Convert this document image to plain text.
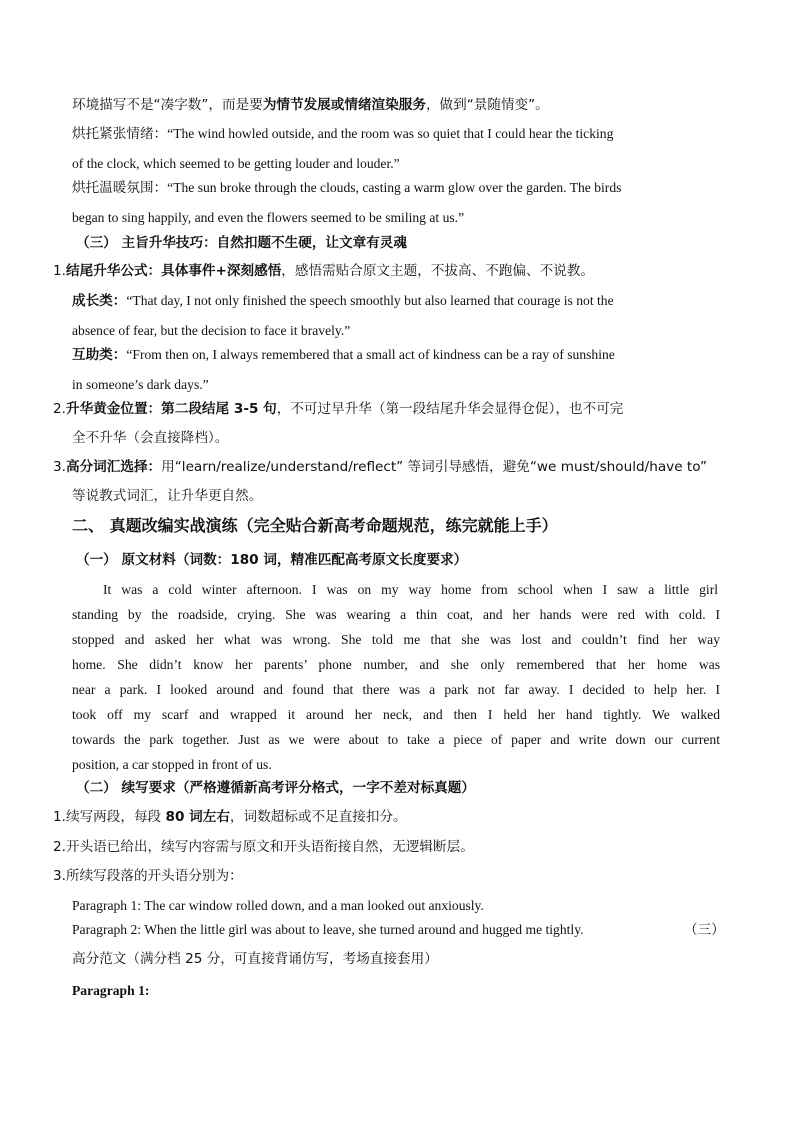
环境描写不是“凑字数”，而是要为情节发展或情绪渲染服务，做到“景随情变”。
烘托紧张情绪：“The wind howled outside, and the room was so quiet that I could hear the ticking
of the clock, which seemed to be getting louder and louder.”
烘托温暖氛围：“The sun broke through the clouds, casting a warm glow over the garden. The birds
began to sing happily, and even the flowers seemed to be smiling at us.”
（三） 主旨升华技巧：自然扣题不生硬，让文章有灵魂
1. 结尾升华公式：具体事件+深刻感悟，感悟需贴合原文主题，不拔高、不跑偏、不说教。
成长类：“That day, I not only finished the speech smoothly but also learned that courage is not the
absence of fear, but the decision to face it bravely.”
互助类：“From then on, I always remembered that a small act of kindness can be a ray of sunshine
in someone’s dark days.”
2. 升华黄金位置：第二段结尾 3-5 句，不可过早升华（第一段结尾升华会显得仓促），也不可完
全不升华（会直接降档）。
3. 高分词汇选择：用“learn/realize/understand/reflect” 等词引导感悟，避免“we must/should/have to”
等说教式词汇，让升华更自然。
二、 真题改编实战演练（完全贴合新高考命题规范，练完就能上手）
（一） 原文材料（词数：180 词，精准匹配高考原文长度要求）
It was a cold winter afternoon. I was on my way home from school when I saw a little girl
standing by the roadside, crying. She was wearing a thin coat, and her hands were red with cold. I
stopped and asked her what was wrong. She told me that she was lost and couldn’t find her way
home. She didn’t know her parents’ phone number, and she only remembered that her home was
near a park. I looked around and found that there was a park not far away. I decided to help her. I
took off my scarf and wrapped it around her neck, and then I held her hand tightly. We walked
towards the park together. Just as we were about to take a piece of paper and write down our current
position, a car stopped in front of us.
（二） 续写要求（严格遵循新高考评分格式，一字不差对标真题）
1. 续写两段，每段 80 词左右，词数超标或不足直接扣分。
2. 开头语已给出，续写内容需与原文和开头语衔接自然，无逻辑断层。
3. 所续写段落的开头语分别为：
Paragraph 1: The car window rolled down, and a man looked out anxiously.
Paragraph 2: When the little girl was about to leave, she turned around and hugged me tightly.	（三）
高分范文（满分档 25 分，可直接背诵仿写，考场直接套用）
Paragraph 1:
